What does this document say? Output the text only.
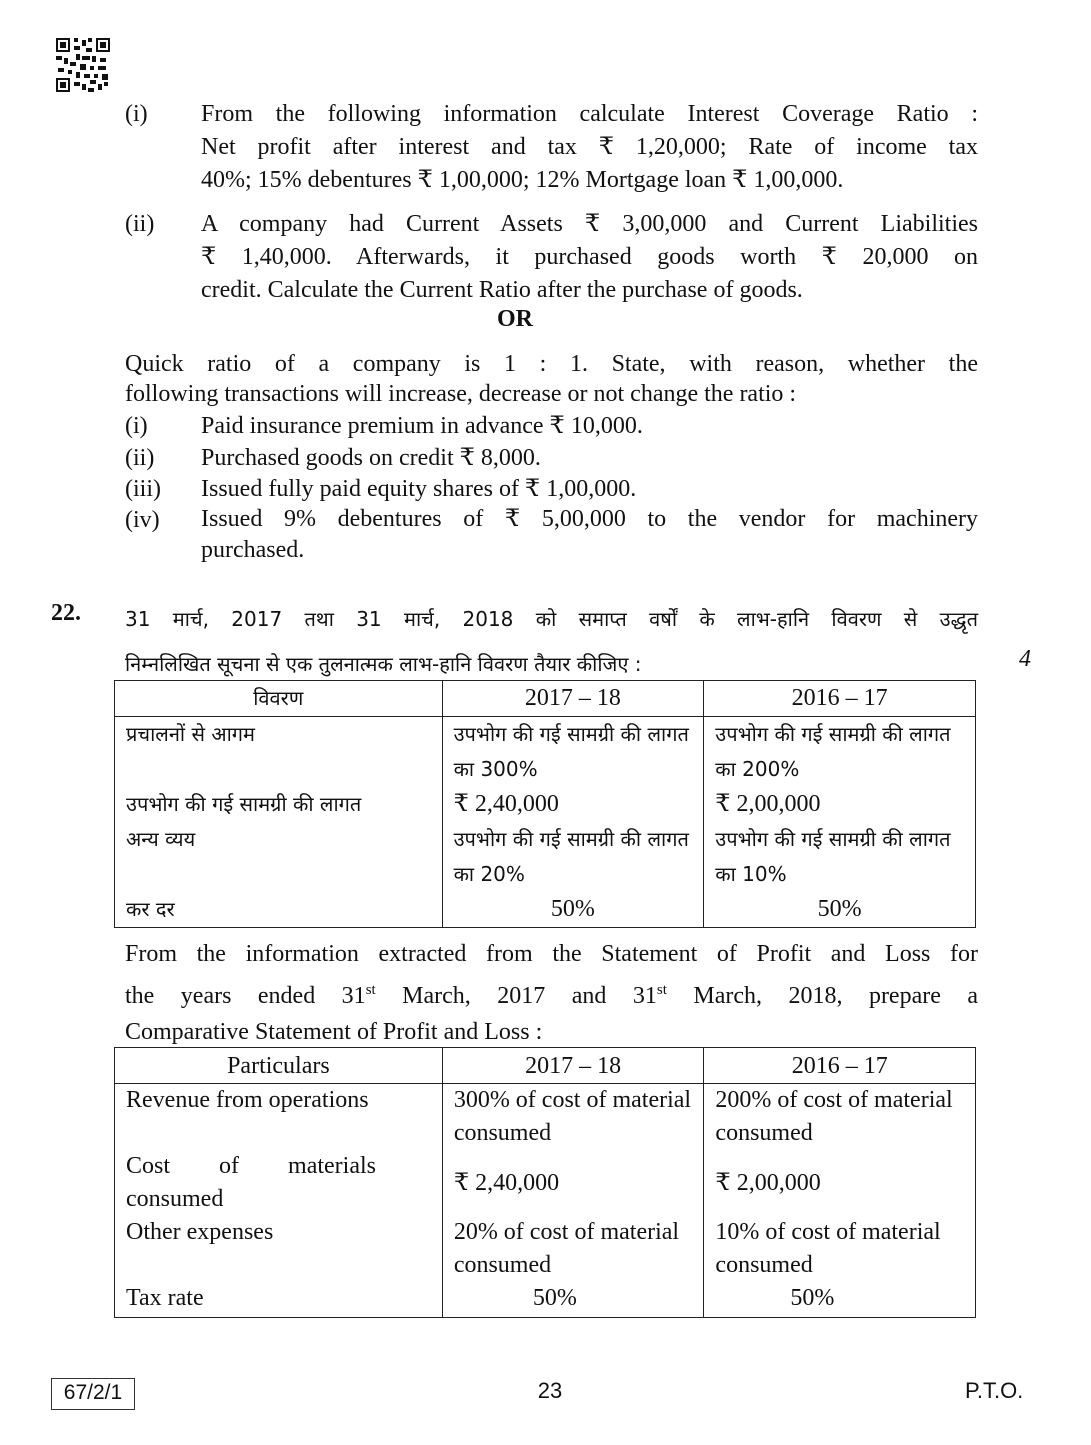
(i) From the following information calculate Interest Coverage Ratio :
Net profit after interest and tax ₹ 1,20,000; Rate of income tax
40%; 15% debentures ₹ 1,00,000; 12% Mortgage loan ₹ 1,00,000.
(ii) A company had Current Assets ₹ 3,00,000 and Current Liabilities
₹ 1,40,000. Afterwards, it purchased goods worth ₹ 20,000 on
credit. Calculate the Current Ratio after the purchase of goods.
OR
Quick ratio of a company is 1 : 1. State, with reason, whether the
following transactions will increase, decrease or not change the ratio :
(i) Paid insurance premium in advance ₹ 10,000.
(ii) Purchased goods on credit ₹ 8,000.
(iii) Issued fully paid equity shares of ₹ 1,00,000.
(iv) Issued 9% debentures of ₹ 5,00,000 to the vendor for machinery
purchased.
22.
4
31 मार्च, 2017 तथा 31 मार्च, 2018 को समाप्त वर्षों के लाभ-हानि विवरण से उद्धृत
निम्नलिखित सूचना से एक तुलनात्मक लाभ-हानि विवरण तैयार कीजिए :
विवरण	2017 – 18	2016 – 17
प्रचालनों से आगम	उपभोग की गई सामग्री की लागत का 300%	उपभोग की गई सामग्री की लागत का 200%
उपभोग की गई सामग्री की लागत	₹ 2,40,000	₹ 2,00,000
अन्य व्यय	उपभोग की गई सामग्री की लागत का 20%	उपभोग की गई सामग्री की लागत का 10%
कर दर	50%	50%
From the information extracted from the Statement of Profit and Loss for
the years ended 31st March, 2017 and 31st March, 2018, prepare a
Comparative Statement of Profit and Loss :
Particulars	2017 – 18	2016 – 17
Revenue from operations	300% of cost of material consumed	200% of cost of material consumed

Cost of materials consumed	₹ 2,40,000	₹ 2,00,000
Other expenses	20% of cost of material consumed	10% of cost of material consumed
Tax rate	50%	50%
67/2/1	23	P.T.O.
